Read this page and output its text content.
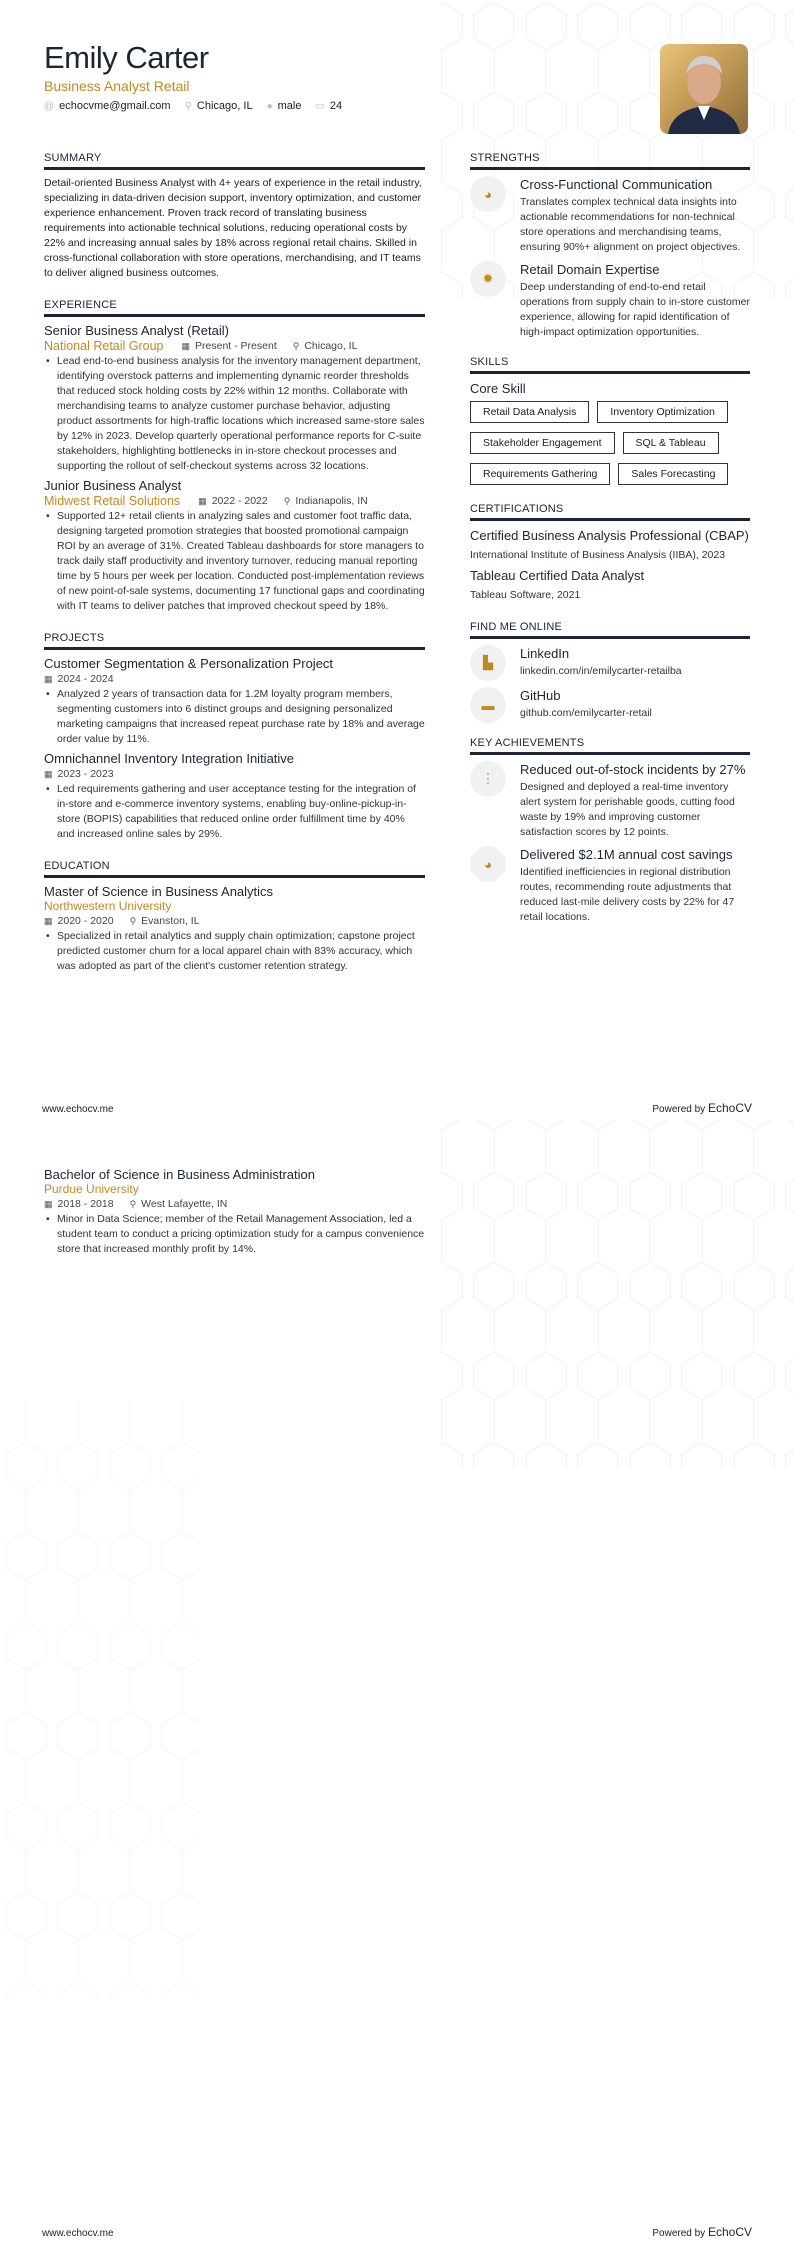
Emily Carter
Business Analyst Retail
@ echocvme@gmail.com ⚲ Chicago, IL ● male ▭ 24
SUMMARY

Detail-oriented Business Analyst with 4+ years of experience in the retail industry, specializing in data-driven decision support, inventory optimization, and customer experience enhancement. Proven track record of translating business requirements into actionable technical solutions, reducing operational costs by 22% and increasing annual sales by 18% across regional retail chains. Skilled in cross-functional collaboration with store operations, merchandising, and IT teams to deliver aligned business outcomes.

EXPERIENCE
Senior Business Analyst (Retail)
National Retail Group ▦ Present - Present ⚲ Chicago, IL
• Lead end-to-end business analysis for the inventory management department, identifying overstock patterns and implementing dynamic reorder thresholds that reduced stock holding costs by 22% within 12 months. Collaborate with merchandising teams to analyze customer purchase behavior, adjusting product assortments for high-traffic locations which increased same-store sales by 12% in 2023. Develop quarterly operational performance reports for C-suite stakeholders, highlighting bottlenecks in in-store checkout processes and supporting the rollout of self-checkout systems across 32 locations.
Junior Business Analyst
Midwest Retail Solutions ▦ 2022 - 2022 ⚲ Indianapolis, IN
• Supported 12+ retail clients in analyzing sales and customer foot traffic data, designing targeted promotion strategies that boosted promotional campaign ROI by an average of 31%. Created Tableau dashboards for store managers to track daily staff productivity and inventory turnover, reducing manual reporting time by 5 hours per week per location. Conducted post-implementation reviews of new point-of-sale systems, documenting 17 functional gaps and coordinating with IT teams to deliver patches that improved checkout speed by 18%.
PROJECTS
Customer Segmentation & Personalization Project
▦ 2024 - 2024
• Analyzed 2 years of transaction data for 1.2M loyalty program members, segmenting customers into 6 distinct groups and designing personalized marketing campaigns that increased repeat purchase rate by 18% and average order value by 11%.
Omnichannel Inventory Integration Initiative
▦ 2023 - 2023
• Led requirements gathering and user acceptance testing for the integration of in-store and e-commerce inventory systems, enabling buy-online-pickup-in-store (BOPIS) capabilities that reduced online order fulfillment time by 40% and increased online sales by 29%.
EDUCATION
Master of Science in Business Analytics
Northwestern University
▦ 2020 - 2020 ⚲ Evanston, IL
• Specialized in retail analytics and supply chain optimization; capstone project predicted customer churn for a local apparel chain with 83% accuracy, which was adopted as part of the client's customer retention strategy.
STRENGTHS
◕
Cross-Functional Communication
Translates complex technical data insights into actionable recommendations for non-technical store operations and merchandising teams, ensuring 90%+ alignment on project objectives.
✹
Retail Domain Expertise
Deep understanding of end-to-end retail operations from supply chain to in-store customer experience, allowing for rapid identification of high-impact optimization opportunities.
SKILLS
Core Skill
Retail Data Analysis	Inventory Optimization
Stakeholder Engagement	SQL & Tableau
Requirements Gathering	Sales Forecasting
CERTIFICATIONS
Certified Business Analysis Professional (CBAP)
International Institute of Business Analysis (IIBA), 2023
Tableau Certified Data Analyst
Tableau Software, 2021
FIND ME ONLINE
▙
LinkedIn
linkedin.com/in/emilycarter-retailba
▬
GitHub
github.com/emilycarter-retail
KEY ACHIEVEMENTS
⋮
Reduced out-of-stock incidents by 27%
Designed and deployed a real-time inventory alert system for perishable goods, cutting food waste by 19% and improving customer satisfaction scores by 12 points.
◕
Delivered $2.1M annual cost savings
Identified inefficiencies in regional distribution routes, recommending route adjustments that reduced last-mile delivery costs by 22% for 47 retail locations.
www.echocv.me	Powered by EchoCV
Bachelor of Science in Business Administration
Purdue University
▦ 2018 - 2018 ⚲ West Lafayette, IN
• Minor in Data Science; member of the Retail Management Association, led a student team to conduct a pricing optimization study for a campus convenience store that increased monthly profit by 14%.
www.echocv.me	Powered by EchoCV
